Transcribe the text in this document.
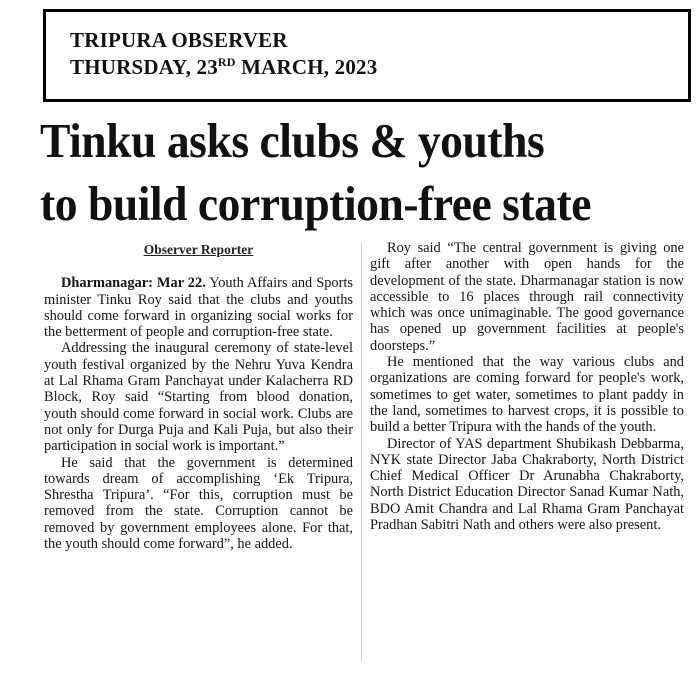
TRIPURA OBSERVER
THURSDAY, 23RD MARCH, 2023
Tinku asks clubs & youths
to build corruption-free state
Observer Reporter

Dharmanagar: Mar 22. Youth Affairs and Sports minister Tinku Roy said that the clubs and youths should come forward in organizing social works for the betterment of people and corruption-free state.

Addressing the inaugural ceremony of state-level youth festival organized by the Nehru Yuva Kendra at Lal Rhama Gram Panchayat under Kalacherra RD Block, Roy said “Starting from blood donation, youth should come forward in social work. Clubs are not only for Durga Puja and Kali Puja, but also their participation in social work is important.”

He said that the government is determined towards dream of accomplishing ‘Ek Tripura, Shrestha Tripura’. “For this, corruption must be removed from the state. Corruption cannot be removed by government employees alone. For that, the youth should come forward”, he added.

Roy said “The central government is giving one gift after another with open hands for the development of the state. Dharmanagar station is now accessible to 16 places through rail connectivity which was once unimaginable. The good governance has opened up government facilities at people's doorsteps.”

He mentioned that the way various clubs and organizations are coming forward for people's work, sometimes to get water, sometimes to plant paddy in the land, sometimes to harvest crops, it is possible to build a better Tripura with the hands of the youth.

Director of YAS department Shubikash Debbarma, NYK state Director Jaba Chakraborty, North District Chief Medical Officer Dr Arunabha Chakraborty, North District Education Director Sanad Kumar Nath, BDO Amit Chandra and Lal Rhama Gram Panchayat Pradhan Sabitri Nath and others were also present.
